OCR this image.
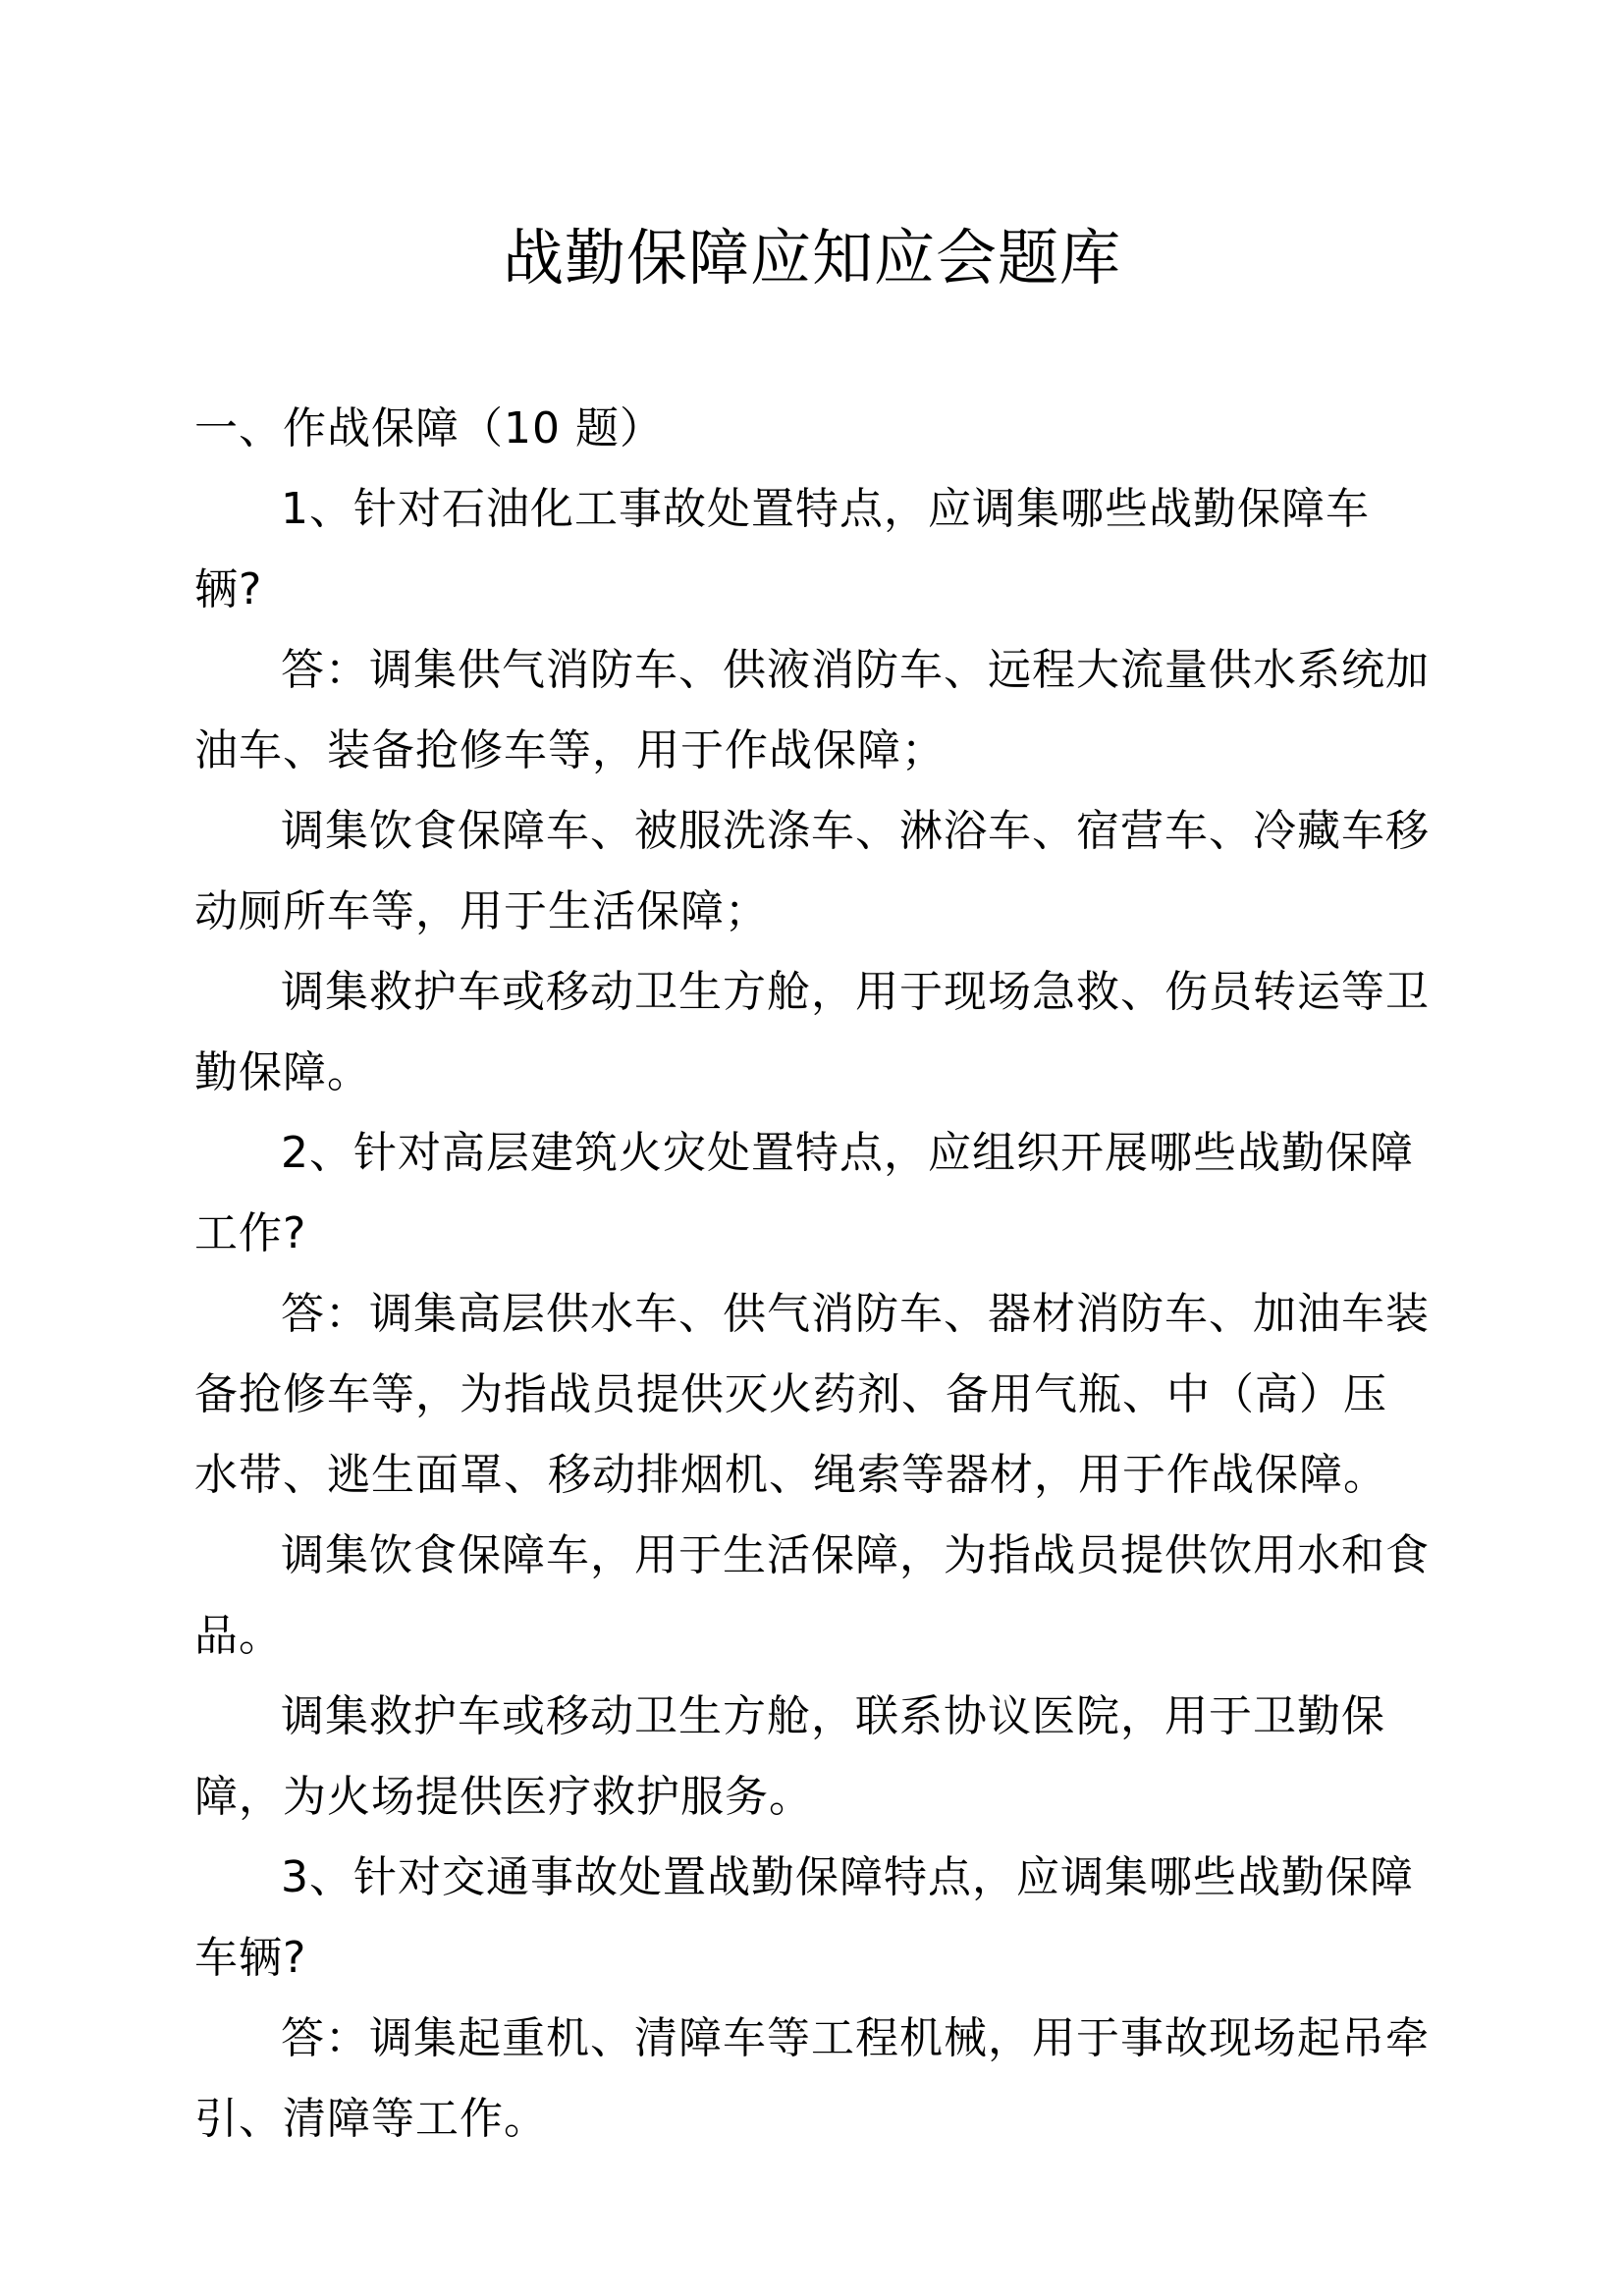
战勤保障应知应会题库

一、作战保障（10 题）

1、针对石油化工事故处置特点，应调集哪些战勤保障车辆?

答：调集供气消防车、供液消防车、远程大流量供水系统加油车、装备抢修车等，用于作战保障；

调集饮食保障车、被服洗涤车、淋浴车、宿营车、冷藏车移动厕所车等，用于生活保障；

调集救护车或移动卫生方舱，用于现场急救、伤员转运等卫勤保障。

2、针对高层建筑火灾处置特点，应组织开展哪些战勤保障工作?

答：调集高层供水车、供气消防车、器材消防车、加油车装备抢修车等，为指战员提供灭火药剂、备用气瓶、中（高）压水带、逃生面罩、移动排烟机、绳索等器材，用于作战保障。

调集饮食保障车，用于生活保障，为指战员提供饮用水和食品。

调集救护车或移动卫生方舱，联系协议医院，用于卫勤保障，为火场提供医疗救护服务。

3、针对交通事故处置战勤保障特点，应调集哪些战勤保障车辆?

答：调集起重机、清障车等工程机械，用于事故现场起吊牵引、清障等工作。
